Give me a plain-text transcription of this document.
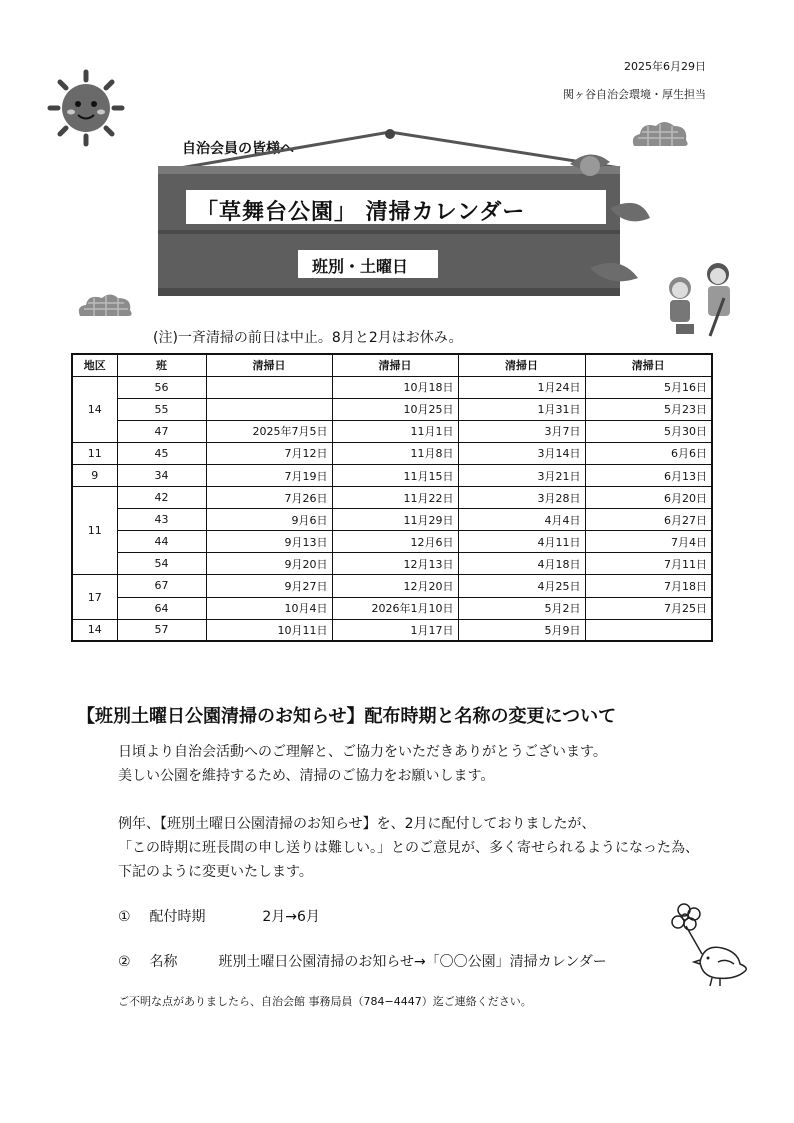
2025年6月29日
関ヶ谷自治会環境・厚生担当
自治会員の皆様へ
「草舞台公園」 清掃カレンダー
班別・土曜日
(注)一斉清掃の前日は中止。8月と2月はお休み。
地区	班	清掃日	清掃日	清掃日	清掃日
14	56		10月18日	1月24日	5月16日
	55		10月25日	1月31日	5月23日
	47	2025年7月5日	11月1日	3月7日	5月30日
11	45	7月12日	11月8日	3月14日	6月6日
9	34	7月19日	11月15日	3月21日	6月13日
11	42	7月26日	11月22日	3月28日	6月20日
	43	9月6日	11月29日	4月4日	6月27日
	44	9月13日	12月6日	4月11日	7月4日
	54	9月20日	12月13日	4月18日	7月11日
17	67	9月27日	12月20日	4月25日	7月18日
	64	10月4日	2026年1月10日	5月2日	7月25日
14	57	10月11日	1月17日	5月9日	
【班別土曜日公園清掃のお知らせ】配布時期と名称の変更について
日頃より自治会活動へのご理解と、ご協力をいただきありがとうございます。
美しい公園を維持するため、清掃のご協力をお願いします。
例年、【班別土曜日公園清掃のお知らせ】を、2月に配付しておりましたが、
「この時期に班長間の申し送りは難しい。」とのご意見が、多く寄せられるようになった為、
下記のように変更いたします。
① 配付時期	2月→6月
② 名称	班別土曜日公園清掃のお知らせ→「〇〇公園」清掃カレンダー
ご不明な点がありましたら、自治会館 事務局員（784−4447）迄ご連絡ください。
